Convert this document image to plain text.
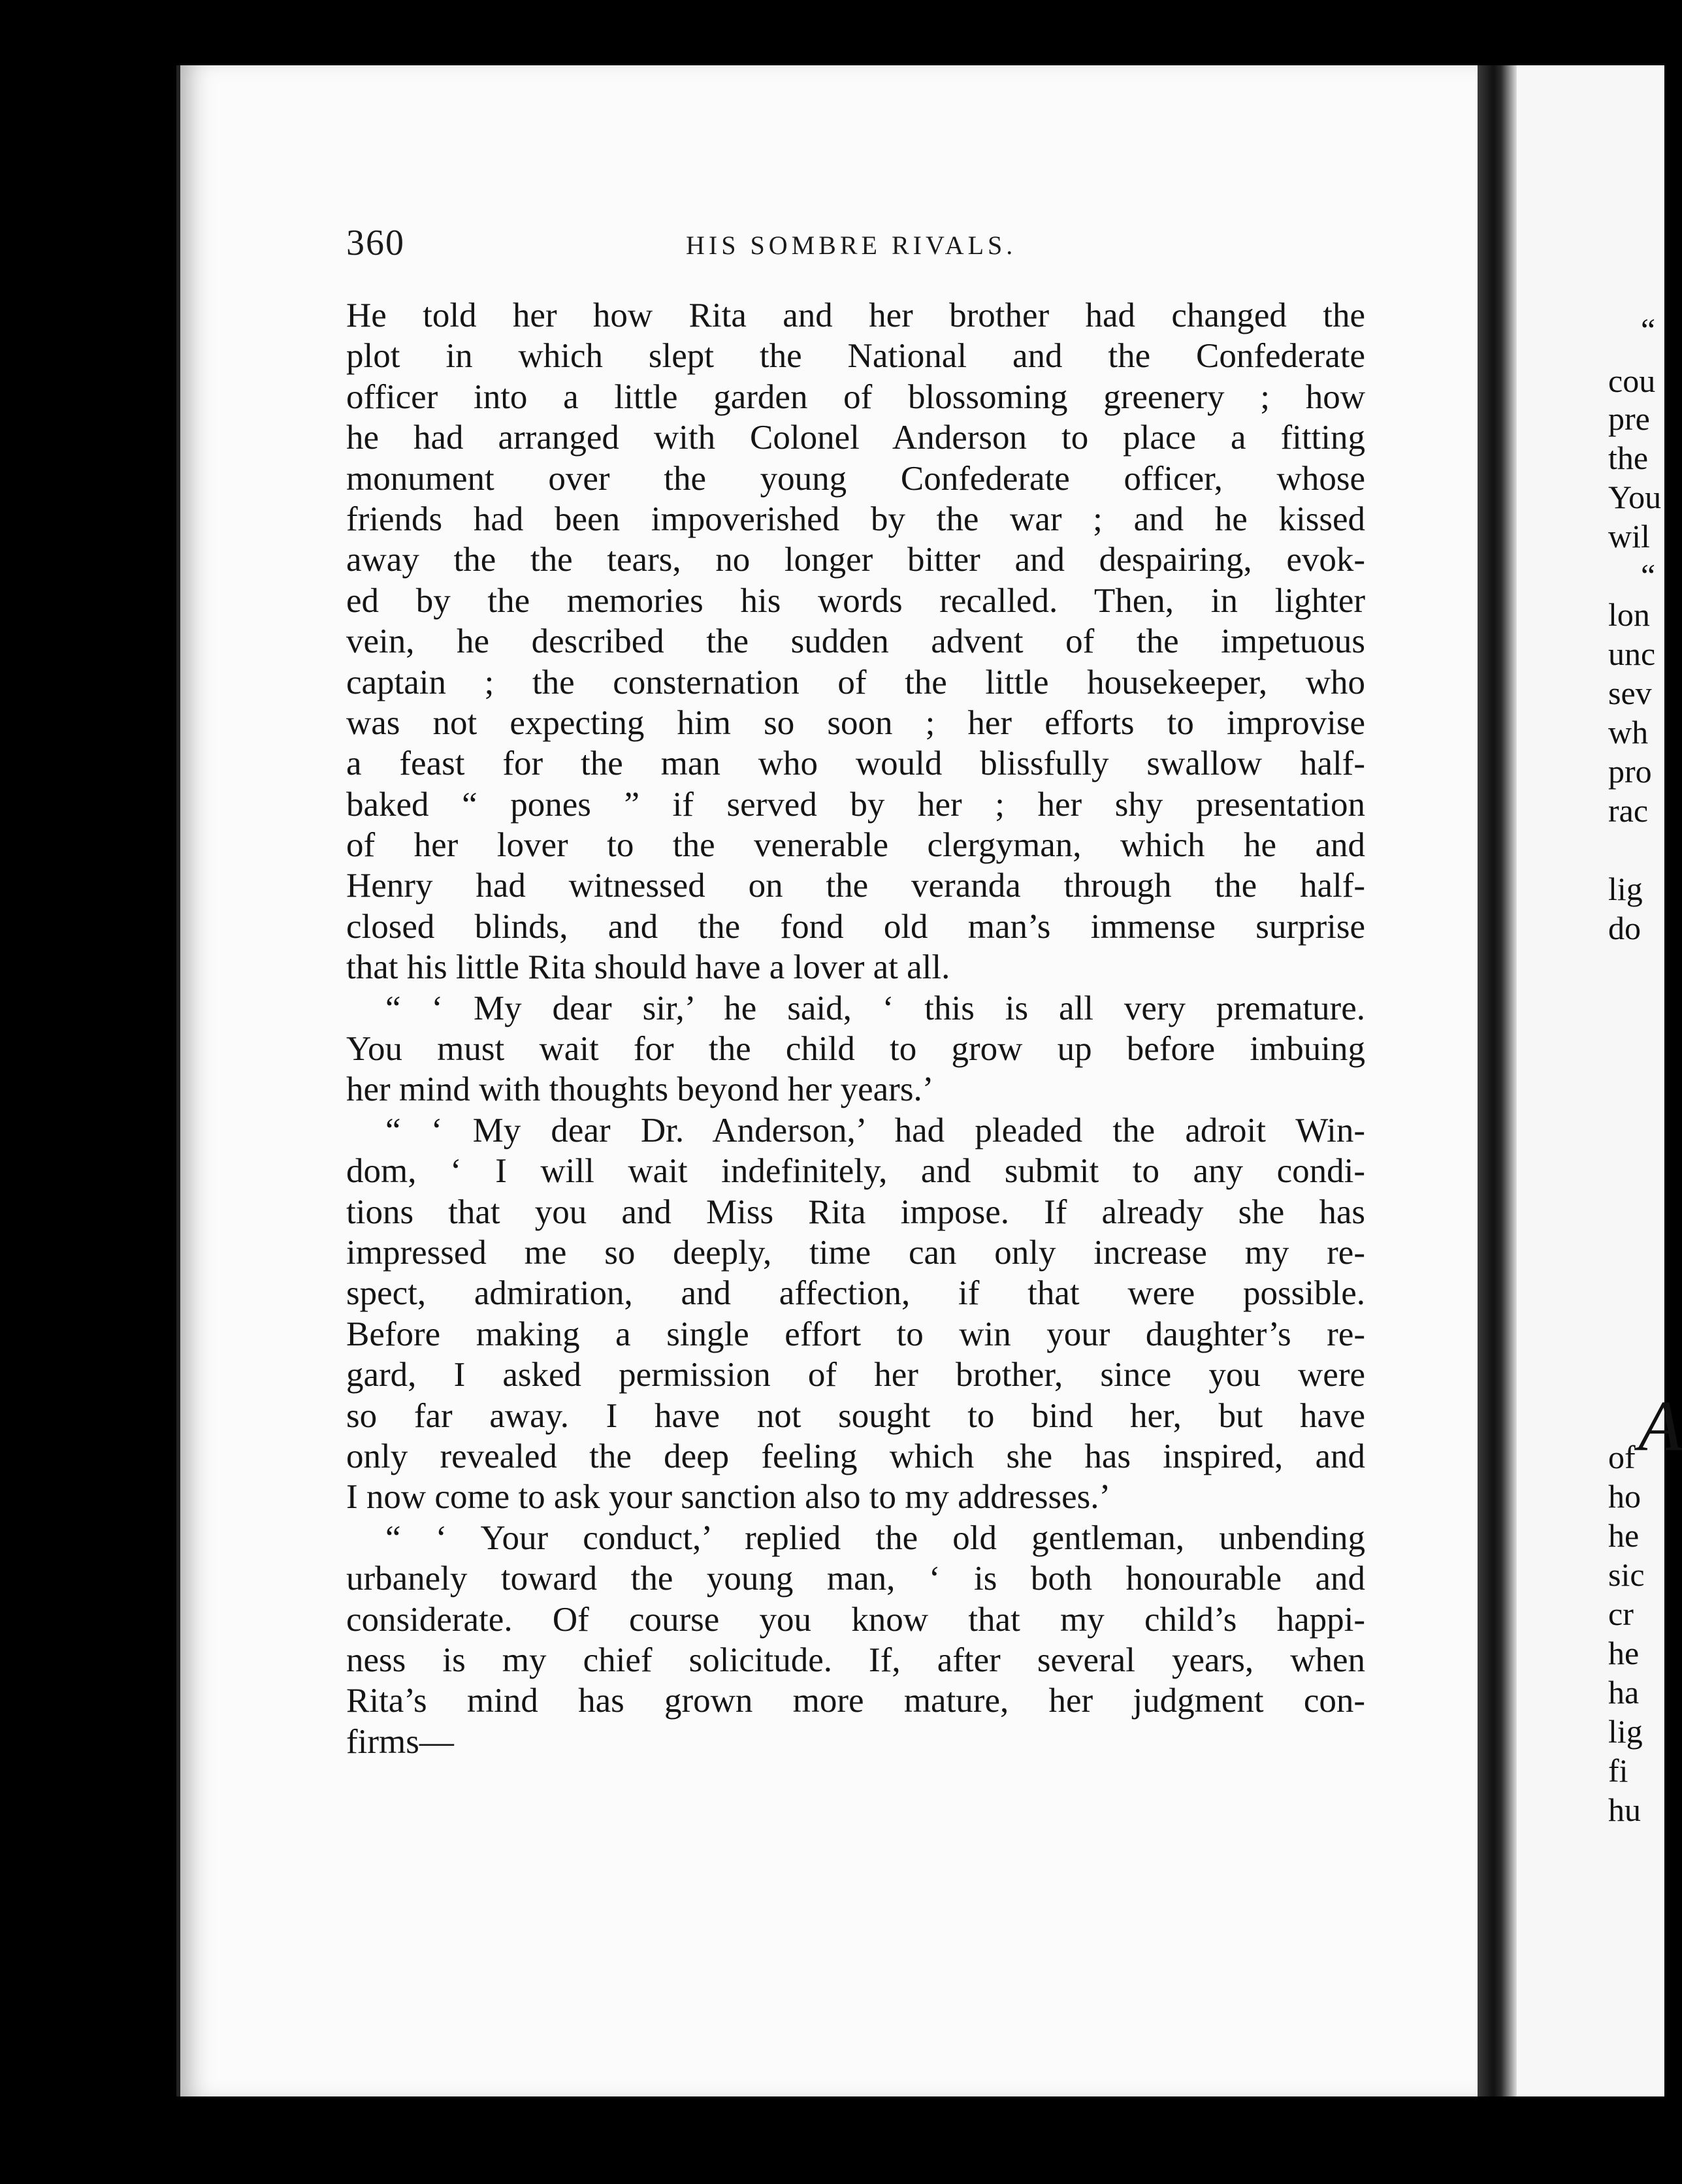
“
cou
pre
the
You
wil
“
lon
unc
sev
wh
pro
rac
lig
do
A
of
ho
he
sic
cr
he
ha
lig
fi
hu
360	HIS SOMBRE RIVALS.
He told her how Rita and her brother had changed the
plot in which slept the National and the Confederate
officer into a little garden of blossoming greenery ; how
he had arranged with Colonel Anderson to place a fitting
monument over the young Confederate officer, whose
friends had been impoverished by the war ; and he kissed
away the the tears, no longer bitter and despairing, evok-
ed by the memories his words recalled. Then, in lighter
vein, he described the sudden advent of the impetuous
captain ; the consternation of the little housekeeper, who
was not expecting him so soon ; her efforts to improvise
a feast for the man who would blissfully swallow half-
baked “ pones ” if served by her ; her shy presentation
of her lover to the venerable clergyman, which he and
Henry had witnessed on the veranda through the half-
closed blinds, and the fond old man’s immense surprise
that his little Rita should have a lover at all.
“ ‘ My dear sir,’ he said, ‘ this is all very premature.
You must wait for the child to grow up before imbuing
her mind with thoughts beyond her years.’
“ ‘ My dear Dr. Anderson,’ had pleaded the adroit Win-
dom, ‘ I will wait indefinitely, and submit to any condi-
tions that you and Miss Rita impose. If already she has
impressed me so deeply, time can only increase my re-
spect, admiration, and affection, if that were possible.
Before making a single effort to win your daughter’s re-
gard, I asked permission of her brother, since you were
so far away. I have not sought to bind her, but have
only revealed the deep feeling which she has inspired, and
I now come to ask your sanction also to my addresses.’
“ ‘ Your conduct,’ replied the old gentleman, unbending
urbanely toward the young man, ‘ is both honourable and
considerate. Of course you know that my child’s happi-
ness is my chief solicitude. If, after several years, when
Rita’s mind has grown more mature, her judgment con-
firms—
